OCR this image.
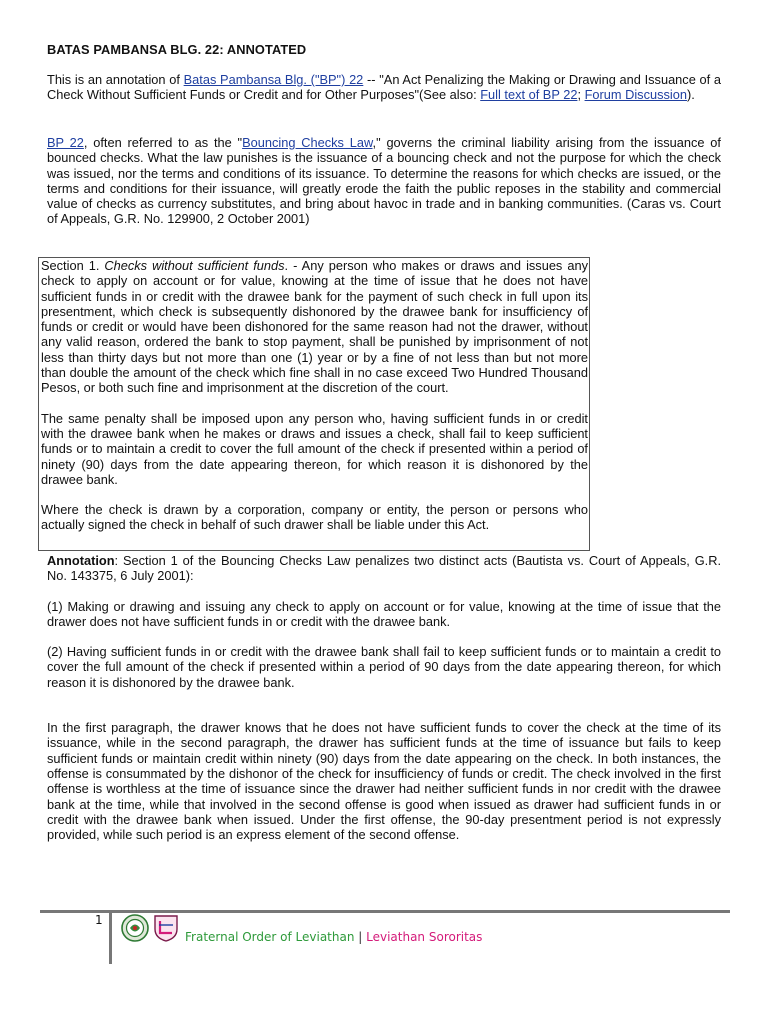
BATAS PAMBANSA BLG. 22: ANNOTATED

This is an annotation of Batas Pambansa Blg. ("BP") 22 -- "An Act Penalizing the Making or Drawing and Issuance of a Check Without Sufficient Funds or Credit and for Other Purposes"(See also: Full text of BP 22; Forum Discussion).

BP 22, often referred to as the "Bouncing Checks Law," governs the criminal liability arising from the issuance of bounced checks. What the law punishes is the issuance of a bouncing check and not the purpose for which the check was issued, nor the terms and conditions of its issuance. To determine the reasons for which checks are issued, or the terms and conditions for their issuance, will greatly erode the faith the public reposes in the stability and commercial value of checks as currency substitutes, and bring about havoc in trade and in banking communities. (Caras vs. Court of Appeals, G.R. No. 129900, 2 October 2001)

Section 1. Checks without sufficient funds. - Any person who makes or draws and issues any check to apply on account or for value, knowing at the time of issue that he does not have sufficient funds in or credit with the drawee bank for the payment of such check in full upon its presentment, which check is subsequently dishonored by the drawee bank for insufficiency of funds or credit or would have been dishonored for the same reason had not the drawer, without any valid reason, ordered the bank to stop payment, shall be punished by imprisonment of not less than thirty days but not more than one (1) year or by a fine of not less than but not more than double the amount of the check which fine shall in no case exceed Two Hundred Thousand Pesos, or both such fine and imprisonment at the discretion of the court.

The same penalty shall be imposed upon any person who, having sufficient funds in or credit with the drawee bank when he makes or draws and issues a check, shall fail to keep sufficient funds or to maintain a credit to cover the full amount of the check if presented within a period of ninety (90) days from the date appearing thereon, for which reason it is dishonored by the drawee bank.

Where the check is drawn by a corporation, company or entity, the person or persons who actually signed the check in behalf of such drawer shall be liable under this Act.

Annotation: Section 1 of the Bouncing Checks Law penalizes two distinct acts (Bautista vs. Court of Appeals, G.R. No. 143375, 6 July 2001):

(1) Making or drawing and issuing any check to apply on account or for value, knowing at the time of issue that the drawer does not have sufficient funds in or credit with the drawee bank.

(2) Having sufficient funds in or credit with the drawee bank shall fail to keep sufficient funds or to maintain a credit to cover the full amount of the check if presented within a period of 90 days from the date appearing thereon, for which reason it is dishonored by the drawee bank.

In the first paragraph, the drawer knows that he does not have sufficient funds to cover the check at the time of its issuance, while in the second paragraph, the drawer has sufficient funds at the time of issuance but fails to keep sufficient funds or maintain credit within ninety (90) days from the date appearing on the check. In both instances, the offense is consummated by the dishonor of the check for insufficiency of funds or credit. The check involved in the first offense is worthless at the time of issuance since the drawer had neither sufficient funds in nor credit with the drawee bank at the time, while that involved in the second offense is good when issued as drawer had sufficient funds in or credit with the drawee bank when issued. Under the first offense, the 90-day presentment period is not expressly provided, while such period is an express element of the second offense.

1
Fraternal Order of Leviathan | Leviathan Sororitas
